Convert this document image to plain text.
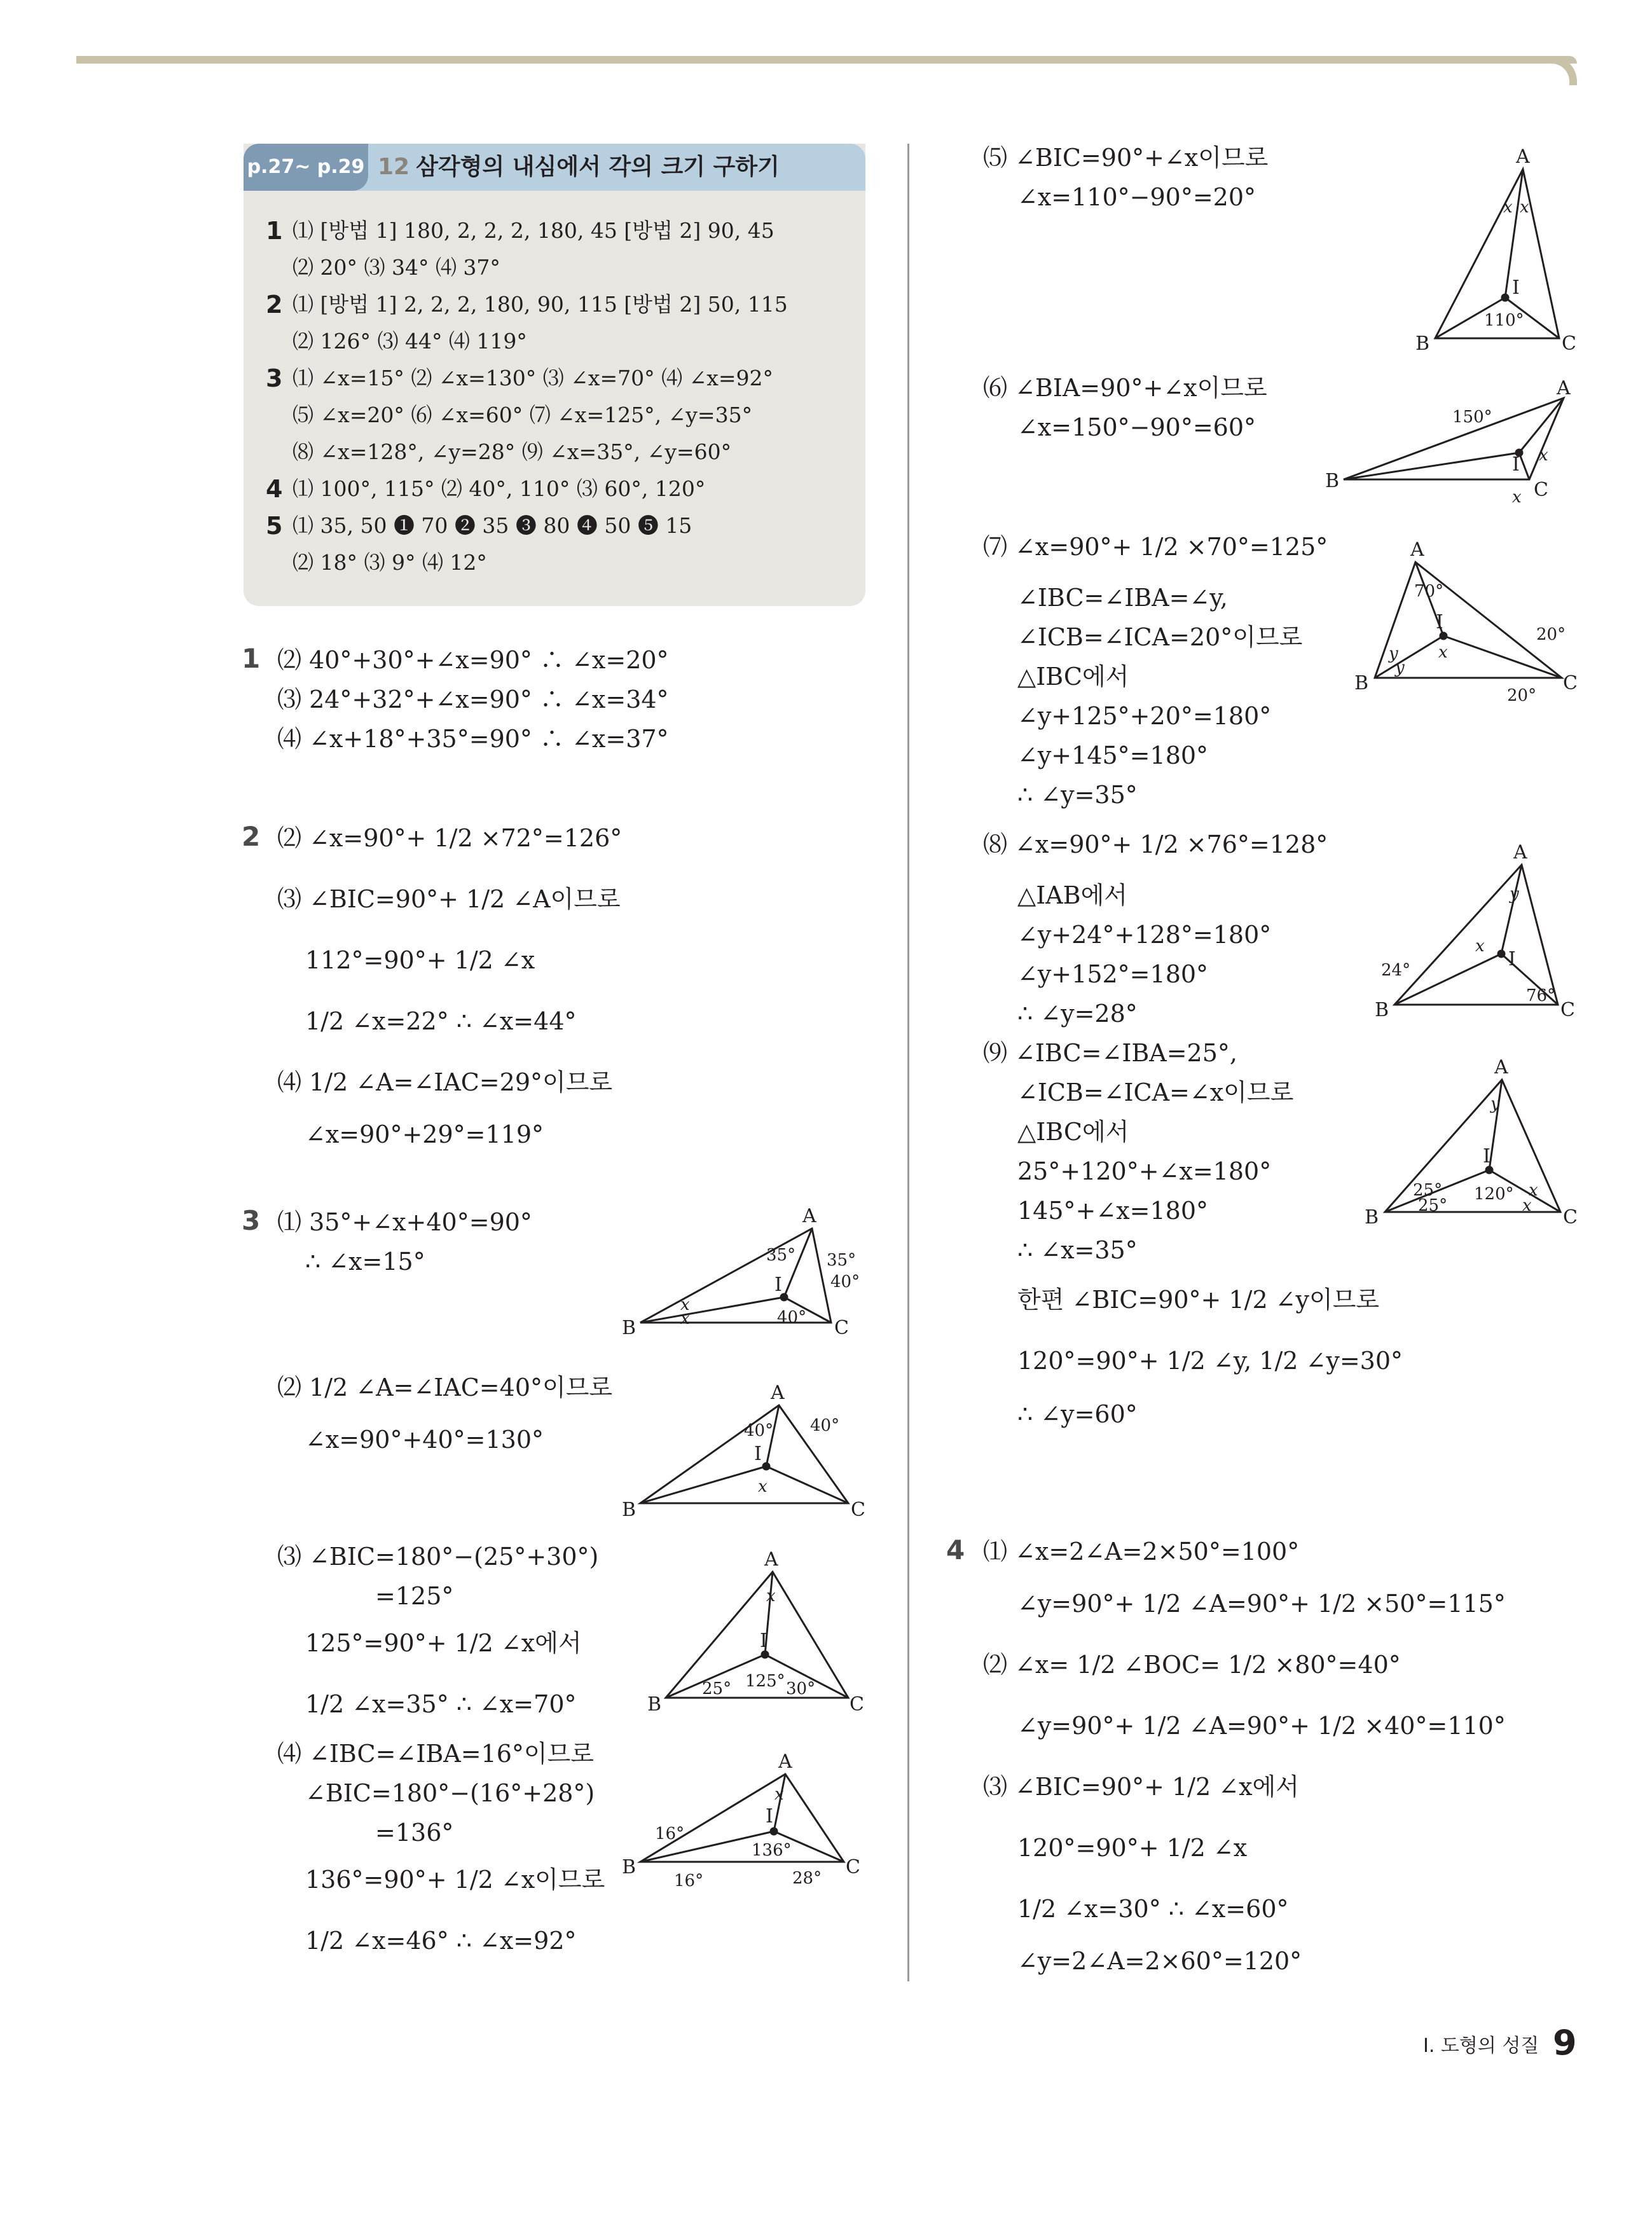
p.27~ p.29 12 삼각형의 내심에서 각의 크기 구하기
1 ⑴ [방법 1] 180, 2, 2, 2, 180, 45 [방법 2] 90, 45
⑵ 20° ⑶ 34° ⑷ 37°
2 ⑴ [방법 1] 2, 2, 2, 180, 90, 115 [방법 2] 50, 115
⑵ 126° ⑶ 44° ⑷ 119°
3 ⑴ ∠x=15° ⑵ ∠x=130° ⑶ ∠x=70° ⑷ ∠x=92°
⑸ ∠x=20° ⑹ ∠x=60° ⑺ ∠x=125°, ∠y=35°
⑻ ∠x=128°, ∠y=28° ⑼ ∠x=35°, ∠y=60°
4 ⑴ 100°, 115° ⑵ 40°, 110° ⑶ 60°, 120°
5 ⑴ 35, 50 ❶ 70 ❷ 35 ❸ 80 ❹ 50 ❺ 15
⑵ 18° ⑶ 9° ⑷ 12°
1 ⑵ 40°+30°+∠x=90° ∴ ∠x=20°
⑶ 24°+32°+∠x=90° ∴ ∠x=34°
⑷ ∠x+18°+35°=90° ∴ ∠x=37°
2 ⑵ ∠x=90°+ 1/2 ×72°=126°
⑶ ∠BIC=90°+ 1/2 ∠A이므로
112°=90°+ 1/2 ∠x
1/2 ∠x=22° ∴ ∠x=44°
⑷ 1/2 ∠A=∠IAC=29°이므로
∠x=90°+29°=119°
3 ⑴ 35°+∠x+40°=90°
∴ ∠x=15°
⑵ 1/2 ∠A=∠IAC=40°이므로
∠x=90°+40°=130°
⑶ ∠BIC=180°−(25°+30°)
=125°
125°=90°+ 1/2 ∠x에서
1/2 ∠x=35° ∴ ∠x=70°
⑷ ∠IBC=∠IBA=16°이므로
∠BIC=180°−(16°+28°)
=136°
136°=90°+ 1/2 ∠x이므로
1/2 ∠x=46° ∴ ∠x=92°
⑸ ∠BIC=90°+∠x이므로
∠x=110°−90°=20°
⑹ ∠BIA=90°+∠x이므로
∠x=150°−90°=60°
⑺ ∠x=90°+ 1/2 ×70°=125°
∠IBC=∠IBA=∠y,
∠ICB=∠ICA=20°이므로
△IBC에서
∠y+125°+20°=180°
∠y+145°=180°
∴ ∠y=35°
⑻ ∠x=90°+ 1/2 ×76°=128°
△IAB에서
∠y+24°+128°=180°
∠y+152°=180°
∴ ∠y=28°
⑼ ∠IBC=∠IBA=25°,
∠ICB=∠ICA=∠x이므로
△IBC에서
25°+120°+∠x=180°
145°+∠x=180°
∴ ∠x=35°
한편 ∠BIC=90°+ 1/2 ∠y이므로
120°=90°+ 1/2 ∠y, 1/2 ∠y=30°
∴ ∠y=60°
4 ⑴ ∠x=2∠A=2×50°=100°
∠y=90°+ 1/2 ∠A=90°+ 1/2 ×50°=115°
⑵ ∠x= 1/2 ∠BOC= 1/2 ×80°=40°
∠y=90°+ 1/2 ∠A=90°+ 1/2 ×40°=110°
⑶ ∠BIC=90°+ 1/2 ∠x에서
120°=90°+ 1/2 ∠x
1/2 ∠x=30° ∴ ∠x=60°
∠y=2∠A=2×60°=120°
A
B	C
I
35° 35°
40°
40°
x
x
A
B	C
I
40° 40°
x
A
B	C
I
x
25° 125° 30°
A
B	C
I
x
16°
16°
136°
28°
A
B	C
I
x x
110°
A
B	C
I x
x
150°
A
B	C
I
70°
20°
20°
x
y
y
A
B	C
I
y
x
24°
76°
A
B	C
I
y
25°
25°
120° x
x
Ⅰ. 도형의 성질 9
